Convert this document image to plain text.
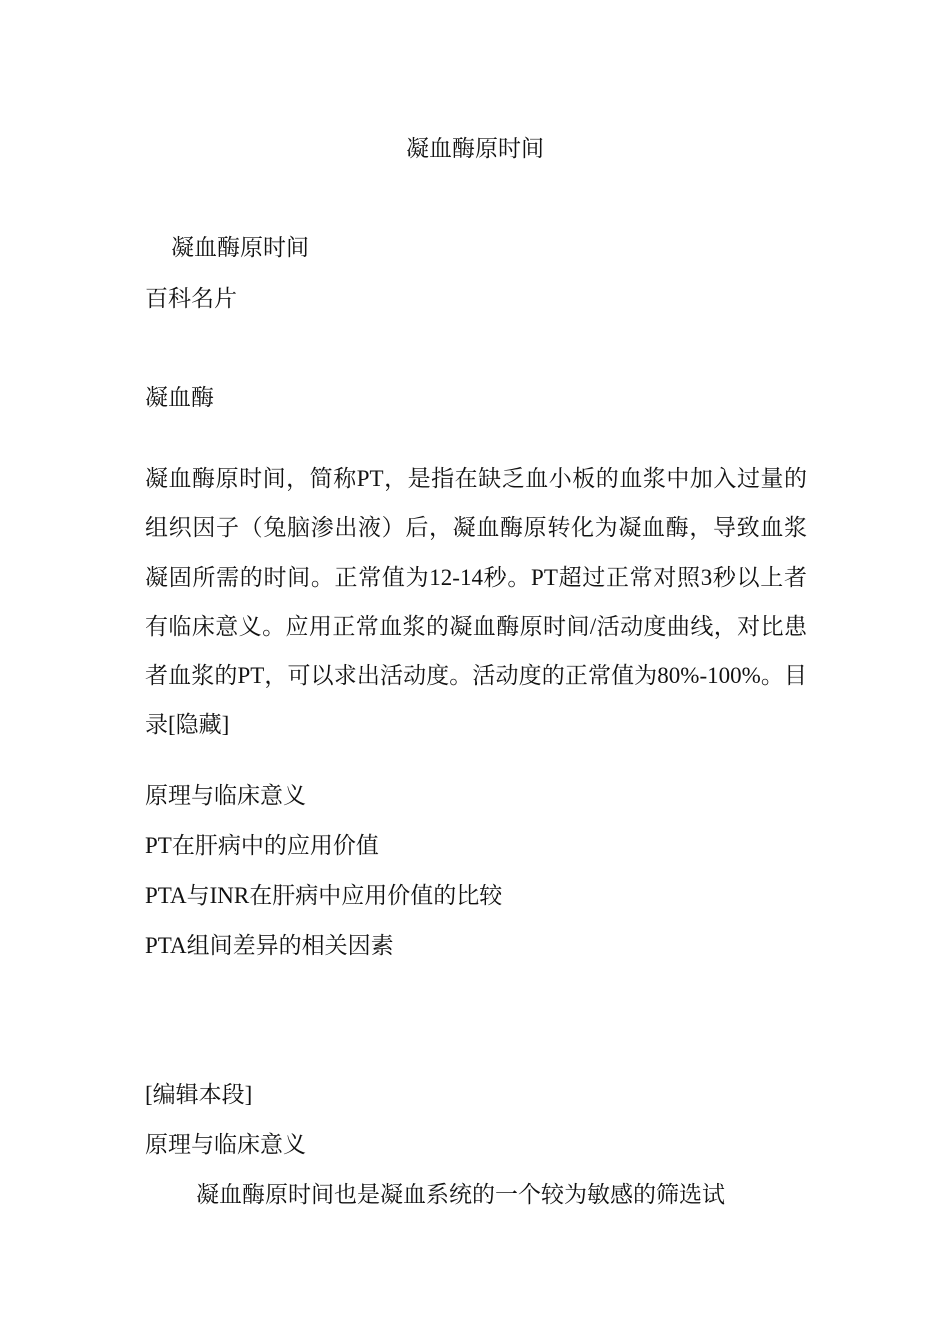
凝血酶原时间
凝血酶原时间
百科名片
凝血酶
凝血酶原时间，简称PT，是指在缺乏血小板的血浆中加入过量的组织因子（兔脑渗出液）后，凝血酶原转化为凝血酶，导致血浆凝固所需的时间。正常值为12-14秒。PT超过正常对照3秒以上者有临床意义。应用正常血浆的凝血酶原时间/活动度曲线，对比患者血浆的PT，可以求出活动度。活动度的正常值为80%-100%。目录[隐藏]
原理与临床意义
PT在肝病中的应用价值
PTA与INR在肝病中应用价值的比较
PTA组间差异的相关因素
[编辑本段]
原理与临床意义
凝血酶原时间也是凝血系统的一个较为敏感的筛选试
